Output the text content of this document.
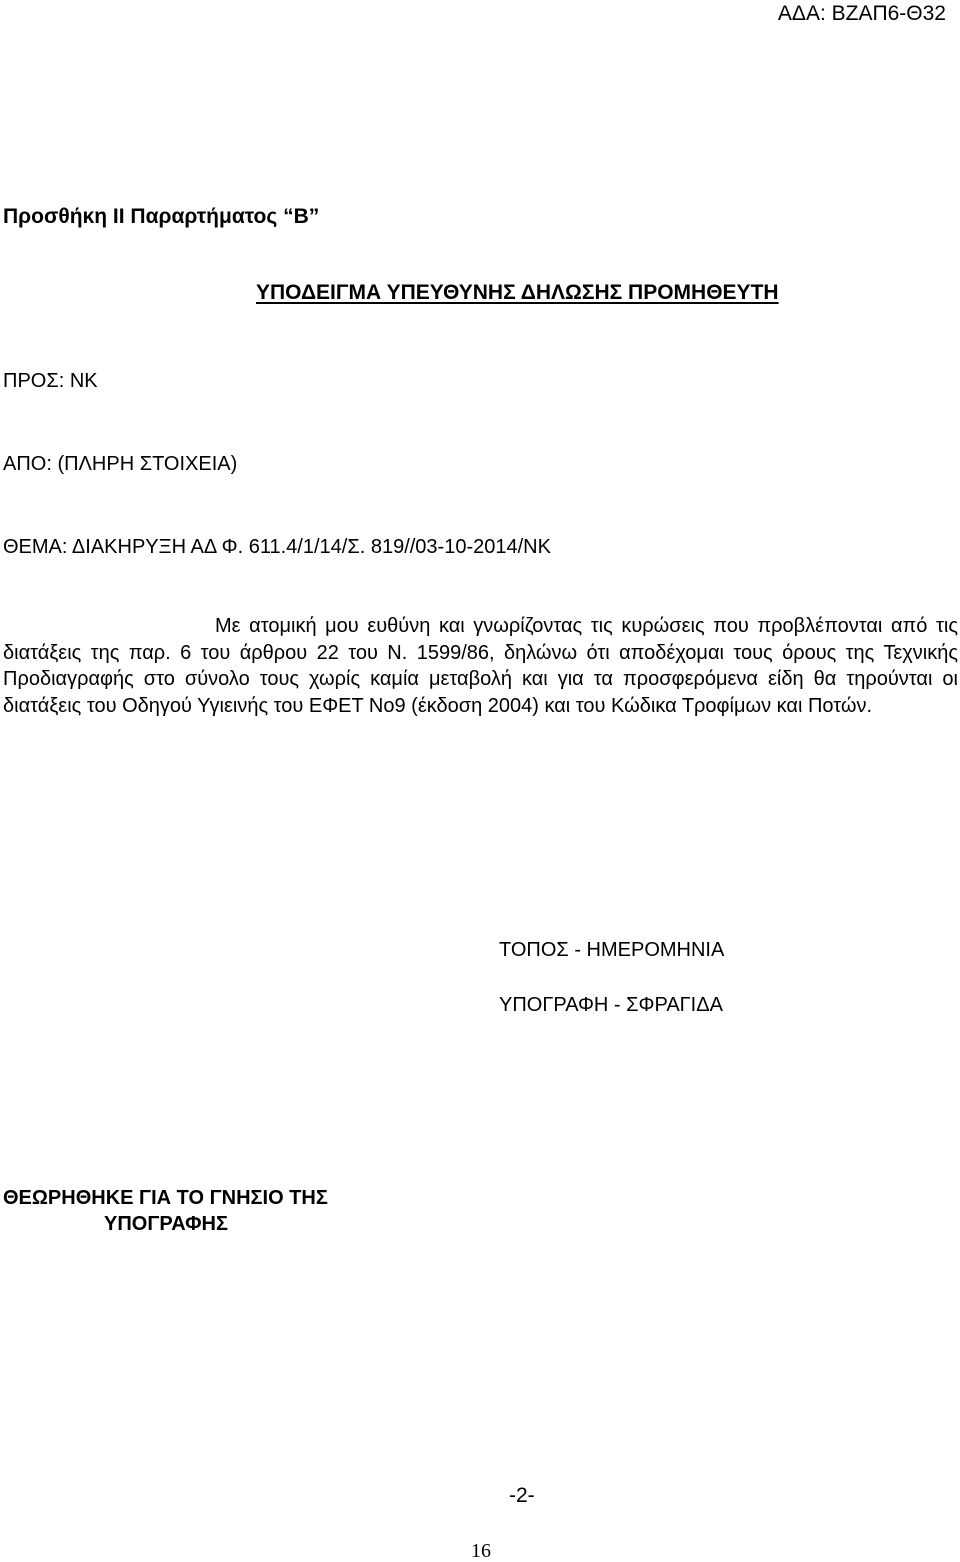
ΑΔΑ: ΒΖΑΠ6-Θ32
Προσθήκη ΙΙ Παραρτήματος “Β”
ΥΠΟΔΕΙΓΜΑ ΥΠΕΥΘΥΝΗΣ ΔΗΛΩΣΗΣ ΠΡΟΜΗΘΕΥΤΗ
ΠΡΟΣ: ΝΚ
ΑΠΟ: (ΠΛΗΡΗ ΣΤΟΙΧΕΙΑ)
ΘΕΜΑ: ΔΙΑΚΗΡΥΞΗ ΑΔ Φ. 611.4/1/14/Σ. 819//03-10-2014/ΝΚ

Με ατομική μου ευθύνη και γνωρίζοντας τις κυρώσεις που προβλέπονται από τις διατάξεις της παρ. 6 του άρθρου 22 του Ν. 1599/86, δηλώνω ότι αποδέχομαι τους όρους της Τεχνικής Προδιαγραφής στο σύνολο τους χωρίς καμία μεταβολή και για τα προσφερόμενα είδη θα τηρούνται οι διατάξεις του Οδηγού Υγιεινής του ΕΦΕΤ Νο9 (έκδοση 2004) και του Κώδικα Τροφίμων και Ποτών.

ΤΟΠΟΣ - ΗΜΕΡΟΜΗΝΙΑ
ΥΠΟΓΡΑΦΗ - ΣΦΡΑΓΙΔΑ
ΘΕΩΡΗΘΗΚΕ ΓΙΑ ΤΟ ΓΝΗΣΙΟ ΤΗΣ
ΥΠΟΓΡΑΦΗΣ
-2-
16
